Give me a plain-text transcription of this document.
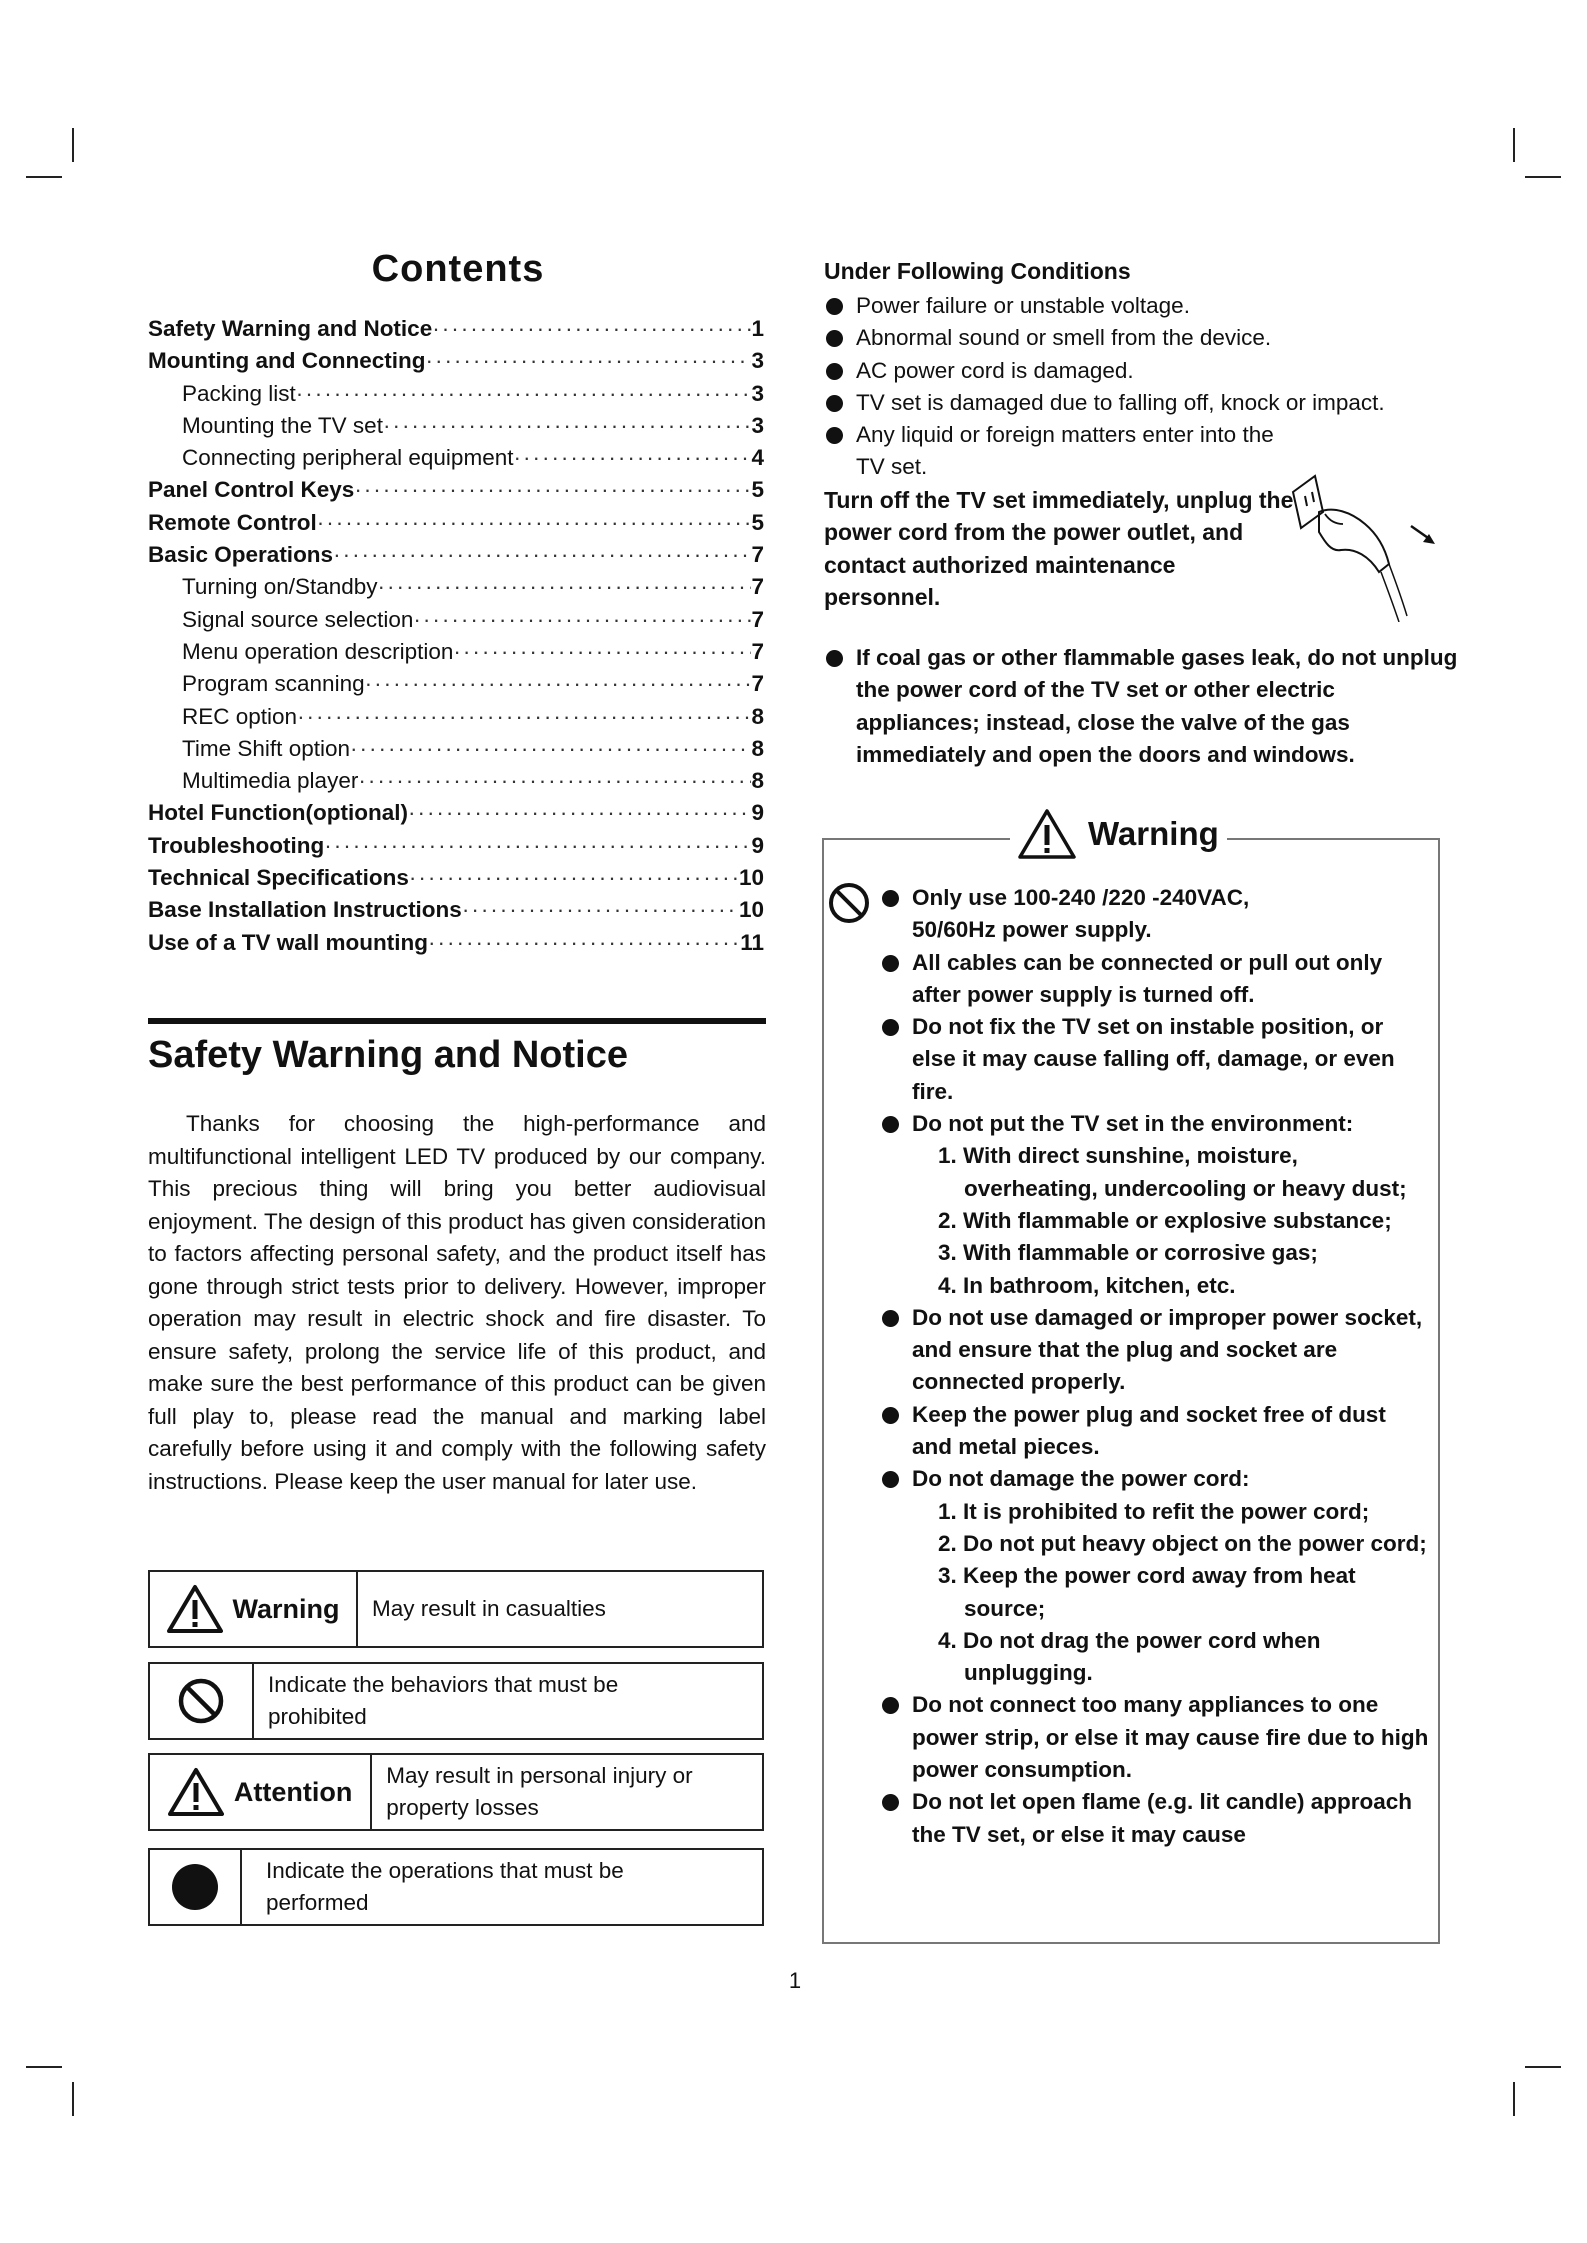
Contents
Safety Warning and Notice ·····	1
Mounting and Connecting ·····	3
Packing list ·····	3
Mounting the TV set ·····	3
Connecting peripheral equipment ·····	4
Panel Control Keys ·····	5
Remote Control ·····	5
Basic Operations ·····	7
Turning on/Standby ·····	7
Signal source selection ·····	7
Menu operation description ·····	7
Program scanning ·····	7
REC option ·····	8
Time Shift option ·····	8
Multimedia player ·····	8
Hotel Function(optional) ·····	9
Troubleshooting ·····	9
Technical Specifications ·····	10
Base Installation Instructions ·····	10
Use of a TV wall mounting ·····	11
Safety Warning and Notice
Thanks for choosing the high-performance and multifunctional intelligent LED TV produced by our company. This precious thing will bring you better audiovisual enjoyment. The design of this product has given consideration to factors affecting personal safety, and the product itself has gone through strict tests prior to delivery. However, improper operation may result in electric shock and fire disaster. To ensure safety, prolong the service life of this product, and make sure the best performance of this product can be given full play to, please read the manual and marking label carefully before using it and comply with the following safety instructions. Please keep the user manual for later use.
Warning	May result in casualties
Indicate the behaviors that must be prohibited
Attention
May result in personal injury or property losses
Indicate the operations that must be performed
Under Following Conditions
Power failure or unstable voltage.
Abnormal sound or smell from the device.
AC power cord is damaged.
TV set is damaged due to falling off, knock or impact.
Any liquid or foreign matters enter into the TV set.
Turn off the TV set immediately, unplug the power cord from the power outlet, and contact authorized maintenance personnel.
If coal gas or other flammable gases leak, do not unplug the power cord of the TV set or other electric appliances; instead, close the valve of the gas immediately and open the doors and windows.
Warning
Only use 100-240 /220 -240VAC,
50/60Hz power supply.
All cables can be connected or pull out only after power supply is turned off.
Do not fix the TV set on instable position, or else it may cause falling off, damage, or even fire.
Do not put the TV set in the environment:
1. With direct sunshine, moisture, overheating, undercooling or heavy dust;
2. With flammable or explosive substance;
3. With flammable or corrosive gas;
4. In bathroom, kitchen, etc.
Do not use damaged or improper power socket, and ensure that the plug and socket are connected properly.
Keep the power plug and socket free of dust and metal pieces.
Do not damage the power cord:
1. It is prohibited to refit the power cord;
2. Do not put heavy object on the power cord;
3. Keep the power cord away from heat source;
4. Do not drag the power cord when unplugging.
Do not connect too many appliances to one power strip, or else it may cause fire due to high power consumption.
Do not let open flame (e.g. lit candle) approach the TV set, or else it may cause
1
